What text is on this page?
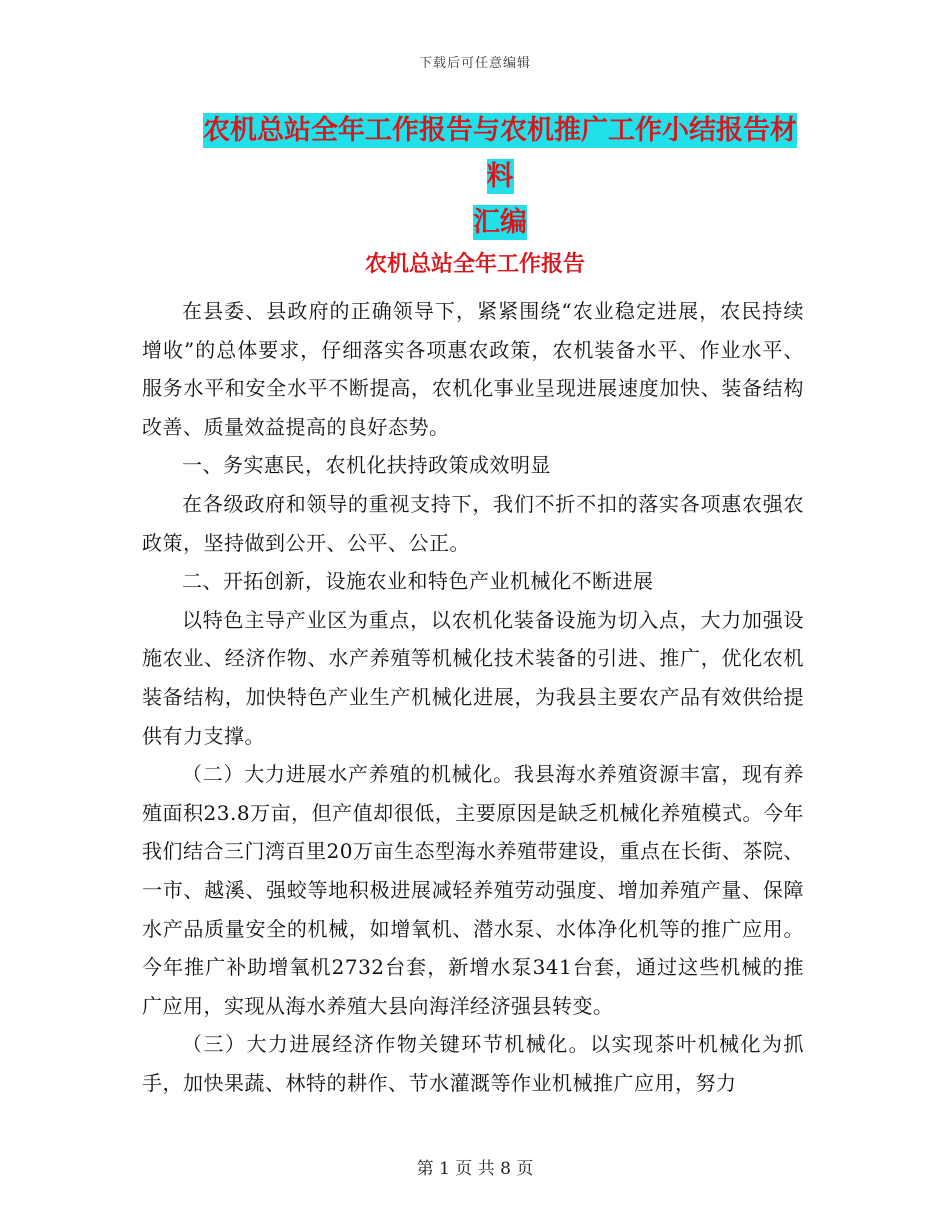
下载后可任意编辑
农机总站全年工作报告与农机推广工作小结报告材料
汇编
农机总站全年工作报告

在县委、县政府的正确领导下，紧紧围绕“农业稳定进展，农民持续增收”的总体要求，仔细落实各项惠农政策，农机装备水平、作业水平、服务水平和安全水平不断提高，农机化事业呈现进展速度加快、装备结构改善、质量效益提高的良好态势。

一、务实惠民，农机化扶持政策成效明显

在各级政府和领导的重视支持下，我们不折不扣的落实各项惠农强农政策，坚持做到公开、公平、公正。

二、开拓创新，设施农业和特色产业机械化不断进展

以特色主导产业区为重点，以农机化装备设施为切入点，大力加强设施农业、经济作物、水产养殖等机械化技术装备的引进、推广，优化农机装备结构，加快特色产业生产机械化进展，为我县主要农产品有效供给提供有力支撑。

（二）大力进展水产养殖的机械化。我县海水养殖资源丰富，现有养殖面积23.8万亩，但产值却很低，主要原因是缺乏机械化养殖模式。今年我们结合三门湾百里20万亩生态型海水养殖带建设，重点在长街、茶院、一市、越溪、强蛟等地积极进展减轻养殖劳动强度、增加养殖产量、保障水产品质量安全的机械，如增氧机、潜水泵、水体净化机等的推广应用。今年推广补助增氧机2732台套，新增水泵341台套，通过这些机械的推广应用，实现从海水养殖大县向海洋经济强县转变。

（三）大力进展经济作物关键环节机械化。以实现茶叶机械化为抓手，加快果蔬、林特的耕作、节水灌溉等作业机械推广应用，努力

第 1 页 共 8 页
